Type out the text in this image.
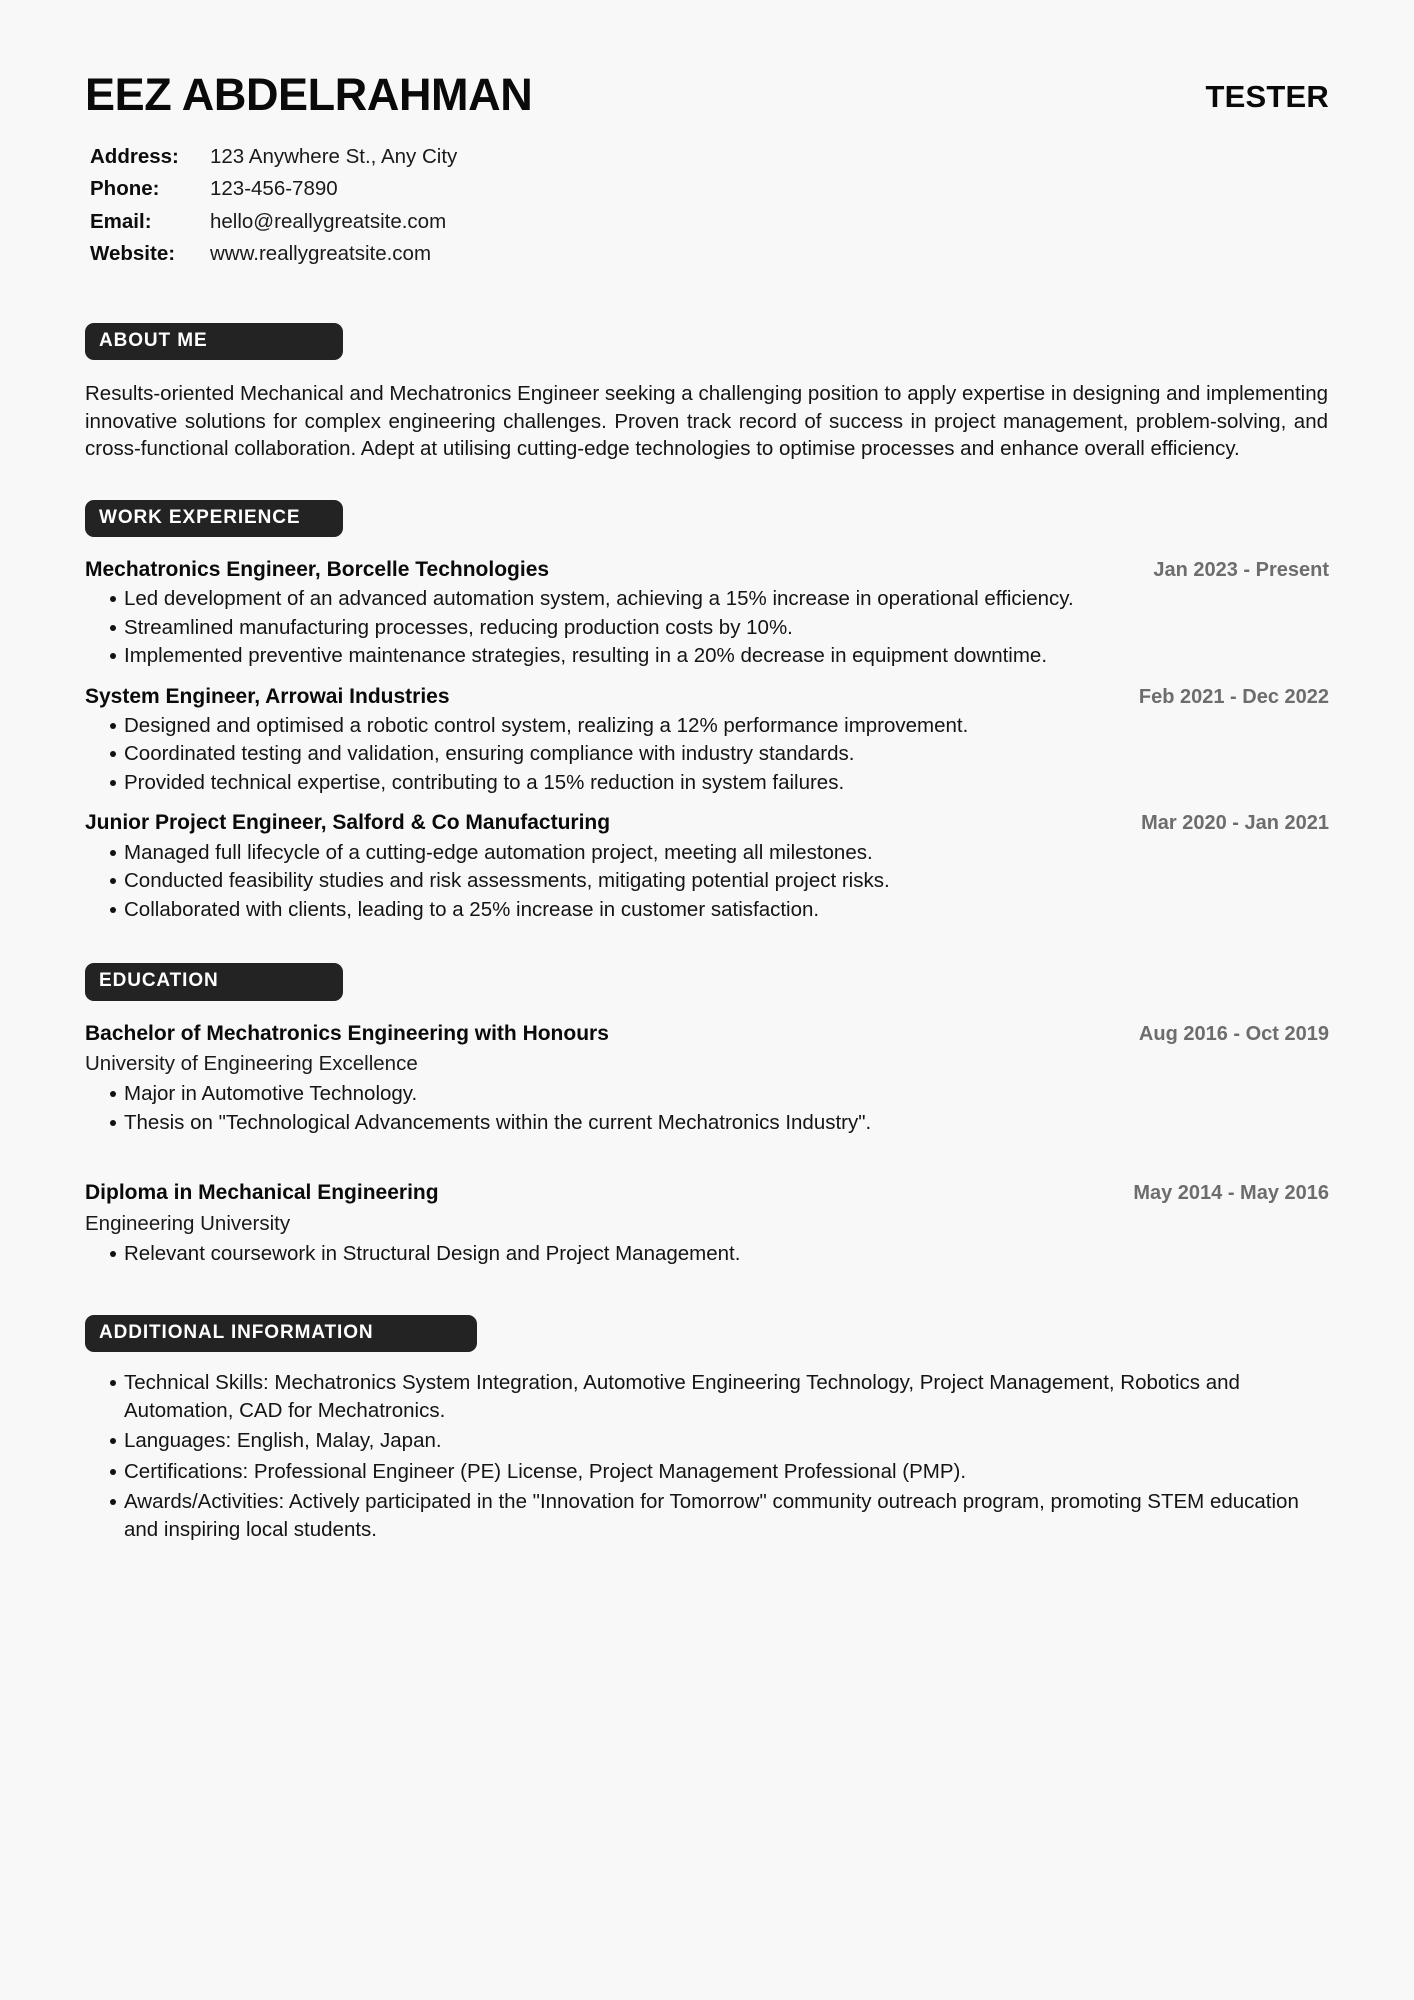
EEZ ABDELRAHMAN	TESTER
Address:	123 Anywhere St., Any City
Phone:	123-456-7890
Email:	hello@reallygreatsite.com
Website:	www.reallygreatsite.com
ABOUT ME

Results-oriented Mechanical and Mechatronics Engineer seeking a challenging position to apply expertise in designing and implementing innovative solutions for complex engineering challenges. Proven track record of success in project management, problem-solving, and cross-functional collaboration. Adept at utilising cutting-edge technologies to optimise processes and enhance overall efficiency.

WORK EXPERIENCE
Mechatronics Engineer, Borcelle Technologies	Jan 2023 - Present
Led development of an advanced automation system, achieving a 15% increase in operational efficiency.
Streamlined manufacturing processes, reducing production costs by 10%.
Implemented preventive maintenance strategies, resulting in a 20% decrease in equipment downtime.
System Engineer, Arrowai Industries	Feb 2021 - Dec 2022
Designed and optimised a robotic control system, realizing a 12% performance improvement.
Coordinated testing and validation, ensuring compliance with industry standards.
Provided technical expertise, contributing to a 15% reduction in system failures.
Junior Project Engineer, Salford & Co Manufacturing	Mar 2020 - Jan 2021
Managed full lifecycle of a cutting-edge automation project, meeting all milestones.
Conducted feasibility studies and risk assessments, mitigating potential project risks.
Collaborated with clients, leading to a 25% increase in customer satisfaction.
EDUCATION
Bachelor of Mechatronics Engineering with Honours	Aug 2016 - Oct 2019
University of Engineering Excellence
Major in Automotive Technology.
Thesis on "Technological Advancements within the current Mechatronics Industry".
Diploma in Mechanical Engineering	May 2014 - May 2016
Engineering University
Relevant coursework in Structural Design and Project Management.
ADDITIONAL INFORMATION
Technical Skills: Mechatronics System Integration, Automotive Engineering Technology, Project Management, Robotics and Automation, CAD for Mechatronics.
Languages: English, Malay, Japan.
Certifications: Professional Engineer (PE) License, Project Management Professional (PMP).
Awards/Activities: Actively participated in the "Innovation for Tomorrow" community outreach program, promoting STEM education and inspiring local students.
